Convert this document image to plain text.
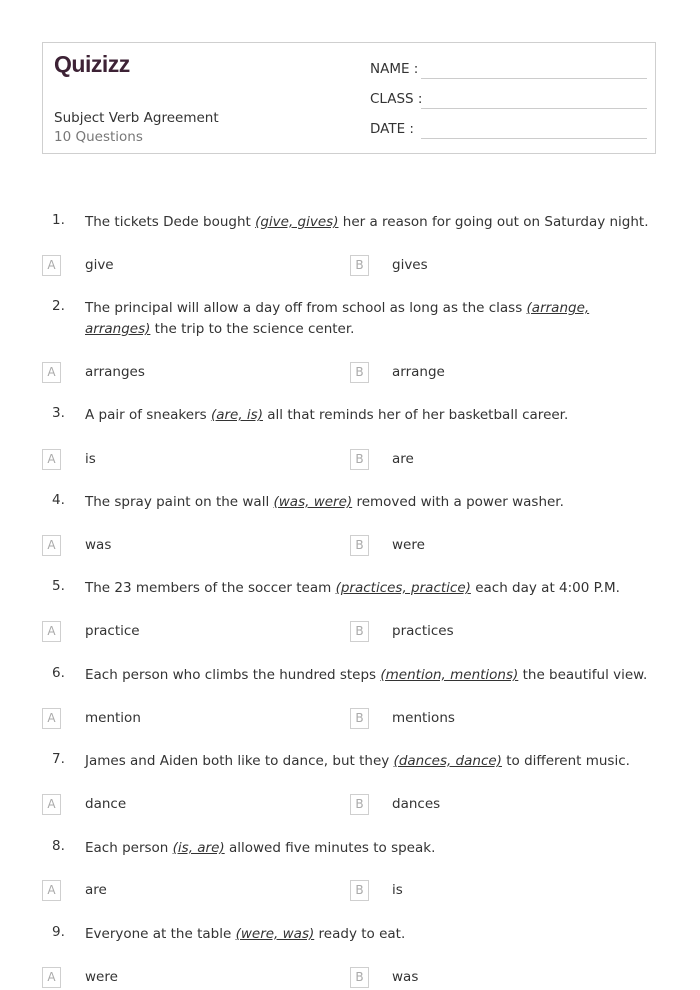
Quizizz
Subject Verb Agreement
10 Questions
NAME :
CLASS :
DATE :
1. The tickets Dede bought (give, gives) her a reason for going out on Saturday night.
A	give	B	gives
2. The principal will allow a day off from school as long as the class (arrange, arranges) the trip to the science center.
A	arranges	B	arrange
3. A pair of sneakers (are, is) all that reminds her of her basketball career.
A	is	B	are
4. The spray paint on the wall (was, were) removed with a power washer.
A	was	B	were
5. The 23 members of the soccer team (practices, practice) each day at 4:00 P.M.
A	practice	B	practices
6. Each person who climbs the hundred steps (mention, mentions) the beautiful view.
A	mention	B	mentions
7. James and Aiden both like to dance, but they (dances, dance) to different music.
A	dance	B	dances
8. Each person (is, are) allowed five minutes to speak.
A	are	B	is
9. Everyone at the table (were, was) ready to eat.
A	were	B	was
